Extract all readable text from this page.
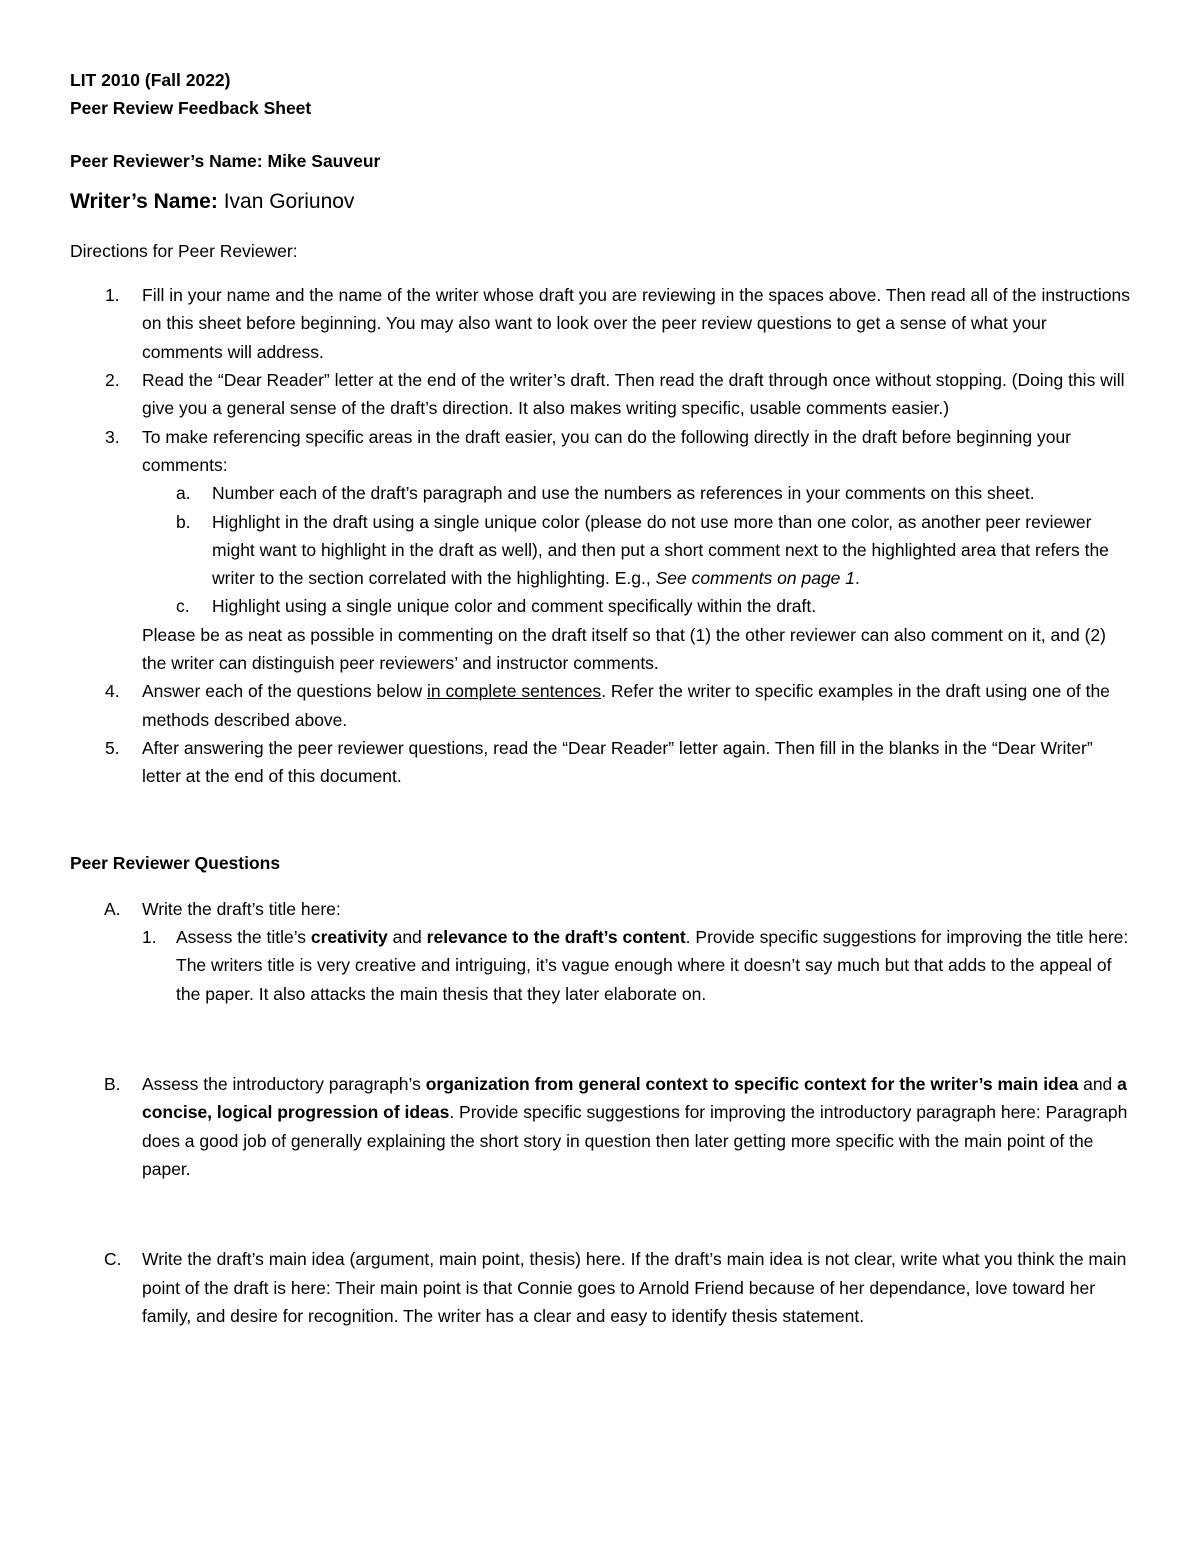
LIT 2010 (Fall 2022)
Peer Review Feedback Sheet
Peer Reviewer’s Name: Mike Sauveur
Writer’s Name: Ivan Goriunov
Directions for Peer Reviewer:
1. Fill in your name and the name of the writer whose draft you are reviewing in the spaces above. Then read all of the instructions on this sheet before beginning. You may also want to look over the peer review questions to get a sense of what your comments will address.
2. Read the “Dear Reader” letter at the end of the writer’s draft. Then read the draft through once without stopping. (Doing this will give you a general sense of the draft’s direction. It also makes writing specific, usable comments easier.)
3. To make referencing specific areas in the draft easier, you can do the following directly in the draft before beginning your comments:
a. Number each of the draft’s paragraph and use the numbers as references in your comments on this sheet.
b. Highlight in the draft using a single unique color (please do not use more than one color, as another peer reviewer might want to highlight in the draft as well), and then put a short comment next to the highlighted area that refers the writer to the section correlated with the highlighting. E.g., See comments on page 1.
c. Highlight using a single unique color and comment specifically within the draft.
Please be as neat as possible in commenting on the draft itself so that (1) the other reviewer can also comment on it, and (2) the writer can distinguish peer reviewers’ and instructor comments.
4. Answer each of the questions below in complete sentences. Refer the writer to specific examples in the draft using one of the methods described above.
5. After answering the peer reviewer questions, read the “Dear Reader” letter again. Then fill in the blanks in the “Dear Writer” letter at the end of this document.
Peer Reviewer Questions
A. Write the draft’s title here:
1. Assess the title’s creativity and relevance to the draft’s content. Provide specific suggestions for improving the title here: The writers title is very creative and intriguing, it’s vague enough where it doesn’t say much but that adds to the appeal of the paper. It also attacks the main thesis that they later elaborate on.
B. Assess the introductory paragraph’s organization from general context to specific context for the writer’s main idea and a concise, logical progression of ideas. Provide specific suggestions for improving the introductory paragraph here: Paragraph does a good job of generally explaining the short story in question then later getting more specific with the main point of the paper.
C. Write the draft’s main idea (argument, main point, thesis) here. If the draft’s main idea is not clear, write what you think the main point of the draft is here: Their main point is that Connie goes to Arnold Friend because of her dependance, love toward her family, and desire for recognition. The writer has a clear and easy to identify thesis statement.
